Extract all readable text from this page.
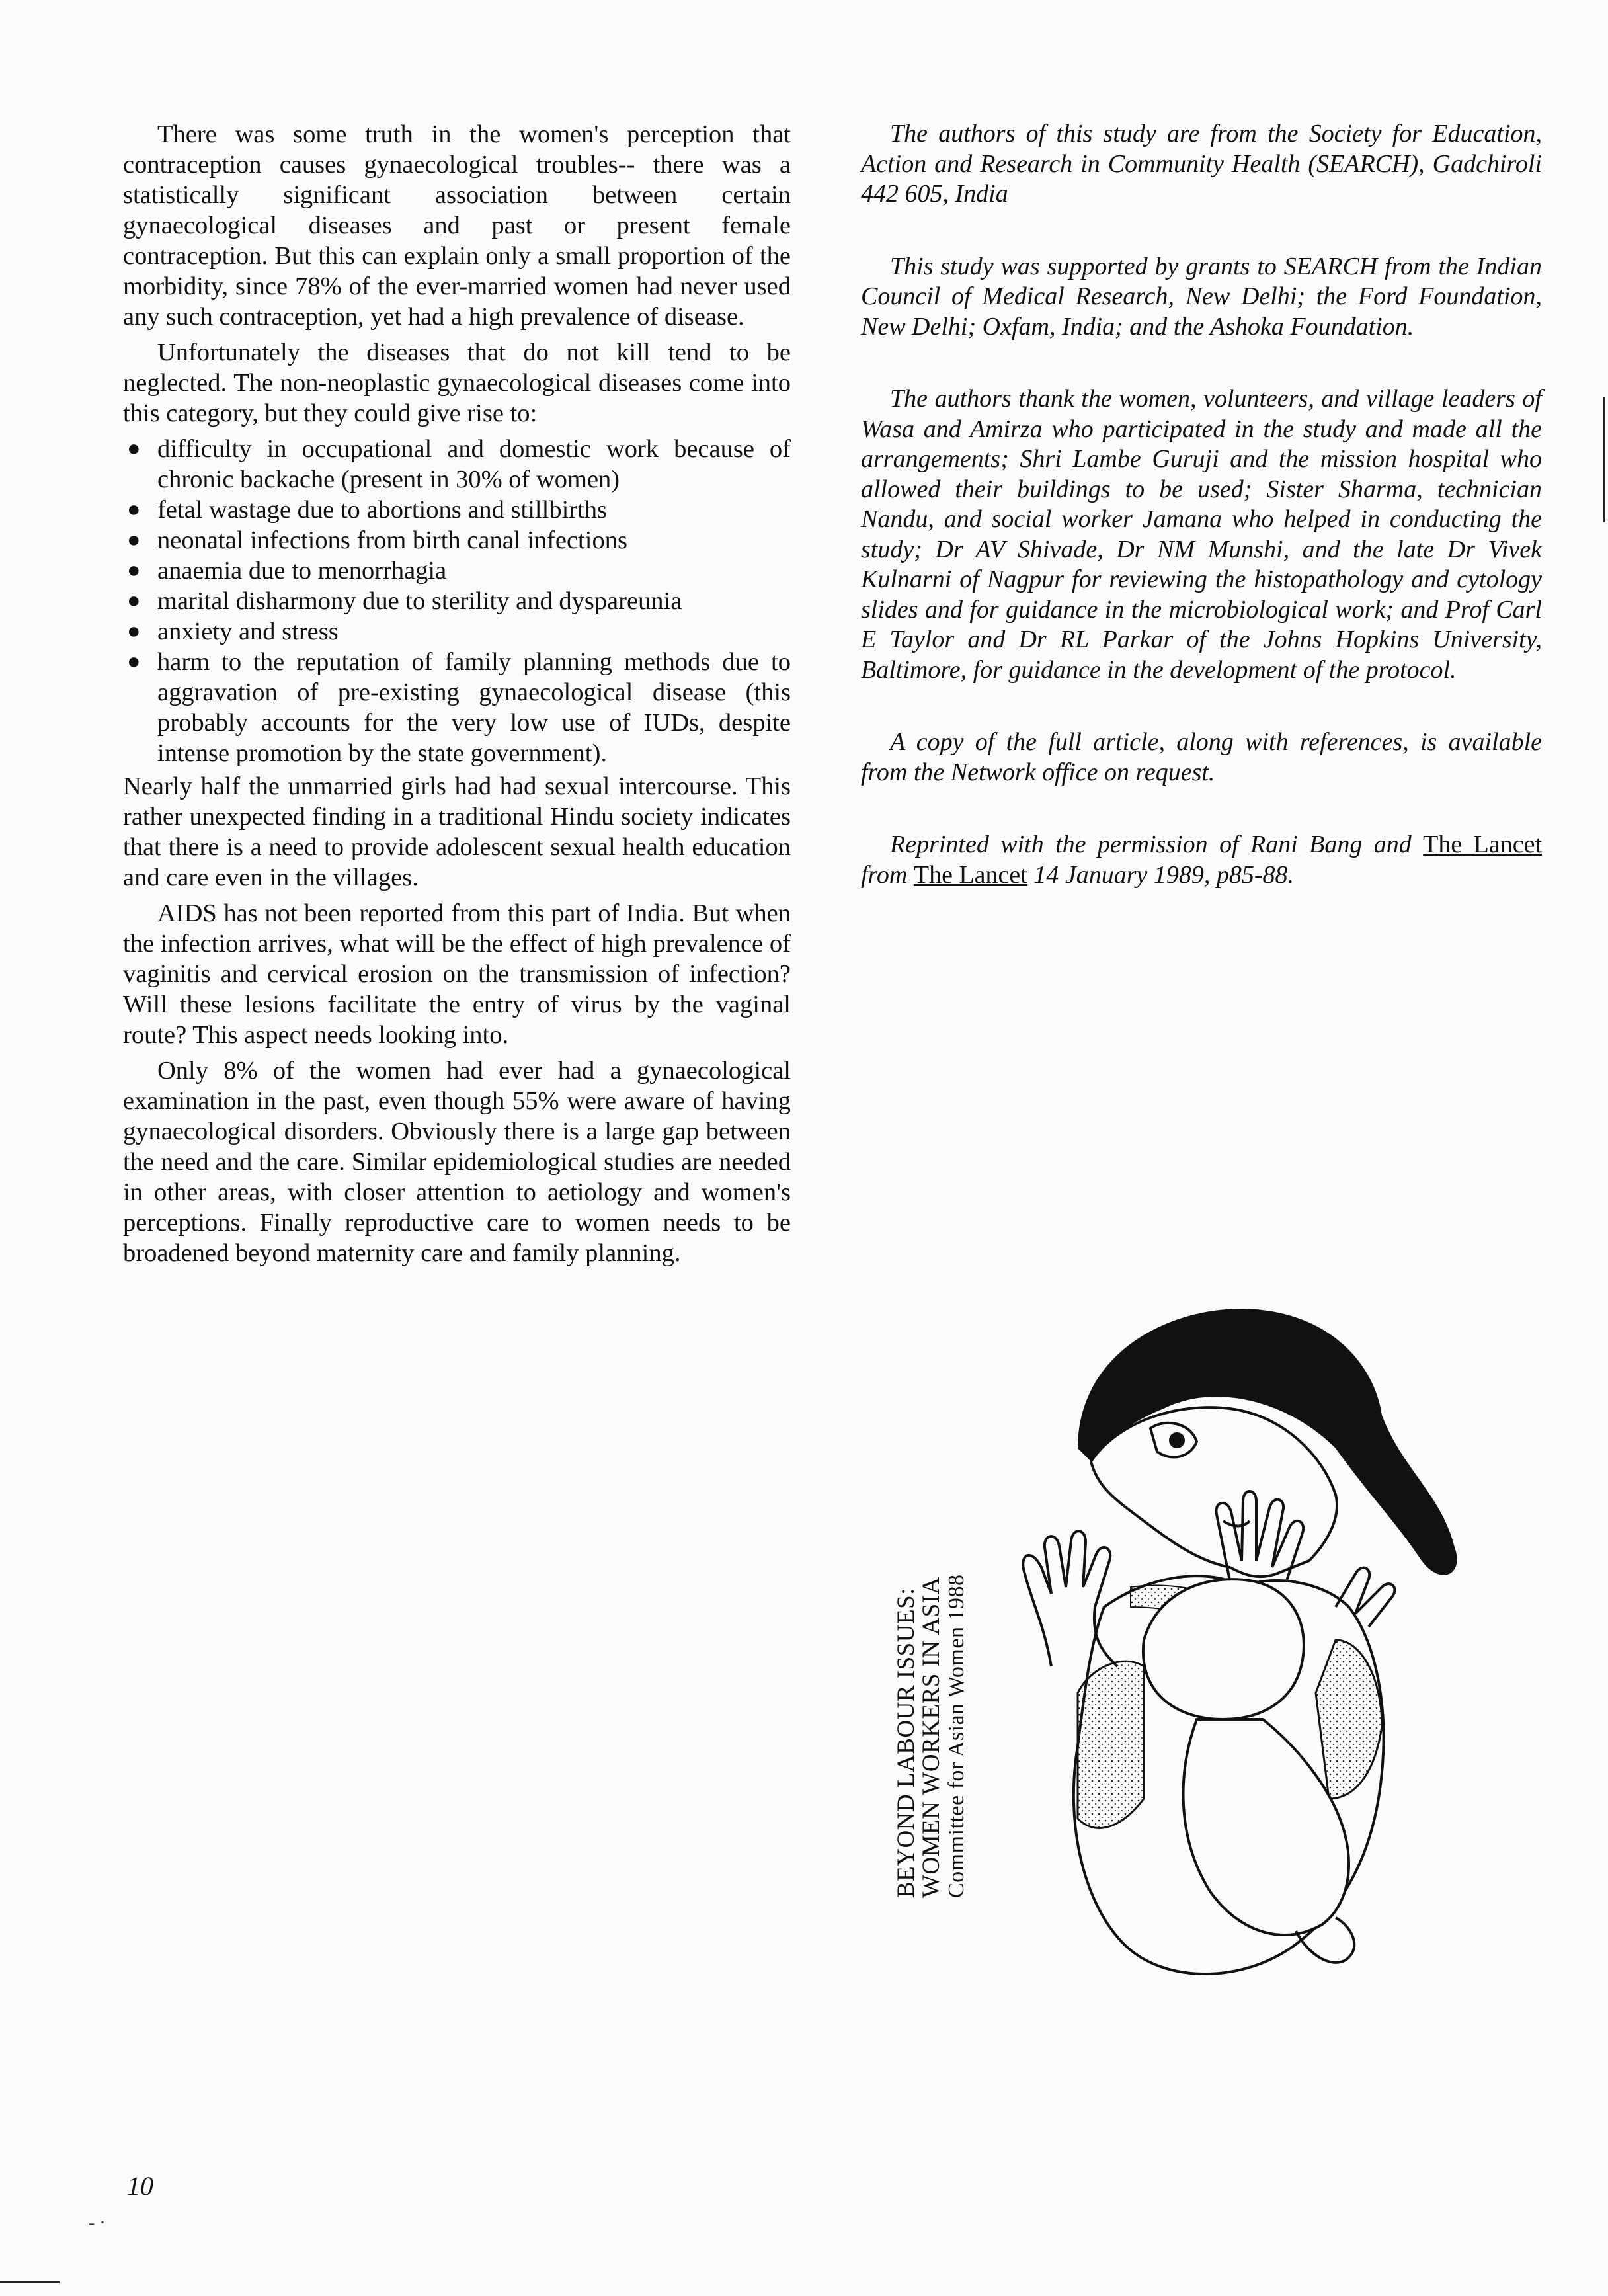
There was some truth in the women's perception that contraception causes gynaecological troubles-- there was a statistically significant association between certain gynaecological diseases and past or present female contraception. But this can explain only a small proportion of the morbidity, since 78% of the ever-married women had never used any such contraception, yet had a high prevalence of disease.

Unfortunately the diseases that do not kill tend to be neglected. The non-neoplastic gynaecological diseases come into this category, but they could give rise to:

● difficulty in occupational and domestic work because of chronic backache (present in 30% of women)
● fetal wastage due to abortions and stillbirths
● neonatal infections from birth canal infections
● anaemia due to menorrhagia
● marital disharmony due to sterility and dyspareunia
● anxiety and stress
● harm to the reputation of family planning methods due to aggravation of pre-existing gynaecological disease (this probably accounts for the very low use of IUDs, despite intense promotion by the state government).

Nearly half the unmarried girls had had sexual intercourse. This rather unexpected finding in a traditional Hindu society indicates that there is a need to provide adolescent sexual health education and care even in the villages.

AIDS has not been reported from this part of India. But when the infection arrives, what will be the effect of high prevalence of vaginitis and cervical erosion on the transmission of infection? Will these lesions facilitate the entry of virus by the vaginal route? This aspect needs looking into.

Only 8% of the women had ever had a gynaecological examination in the past, even though 55% were aware of having gynaecological disorders. Obviously there is a large gap between the need and the care. Similar epidemiological studies are needed in other areas, with closer attention to aetiology and women's perceptions. Finally reproductive care to women needs to be broadened beyond maternity care and family planning.

The authors of this study are from the Society for Education, Action and Research in Community Health (SEARCH), Gadchiroli 442 605, India

This study was supported by grants to SEARCH from the Indian Council of Medical Research, New Delhi; the Ford Foundation, New Delhi; Oxfam, India; and the Ashoka Foundation.

The authors thank the women, volunteers, and village leaders of Wasa and Amirza who participated in the study and made all the arrangements; Shri Lambe Guruji and the mission hospital who allowed their buildings to be used; Sister Sharma, technician Nandu, and social worker Jamana who helped in conducting the study; Dr AV Shivade, Dr NM Munshi, and the late Dr Vivek Kulnarni of Nagpur for reviewing the histopathology and cytology slides and for guidance in the microbiological work; and Prof Carl E Taylor and Dr RL Parkar of the Johns Hopkins University, Baltimore, for guidance in the development of the protocol.

A copy of the full article, along with references, is available from the Network office on request.

Reprinted with the permission of Rani Bang and The Lancet from The Lancet 14 January 1989, p85-88.

BEYOND LABOUR ISSUES:
WOMEN WORKERS IN ASIA Committee for Asian Women 1988
10
- ·
